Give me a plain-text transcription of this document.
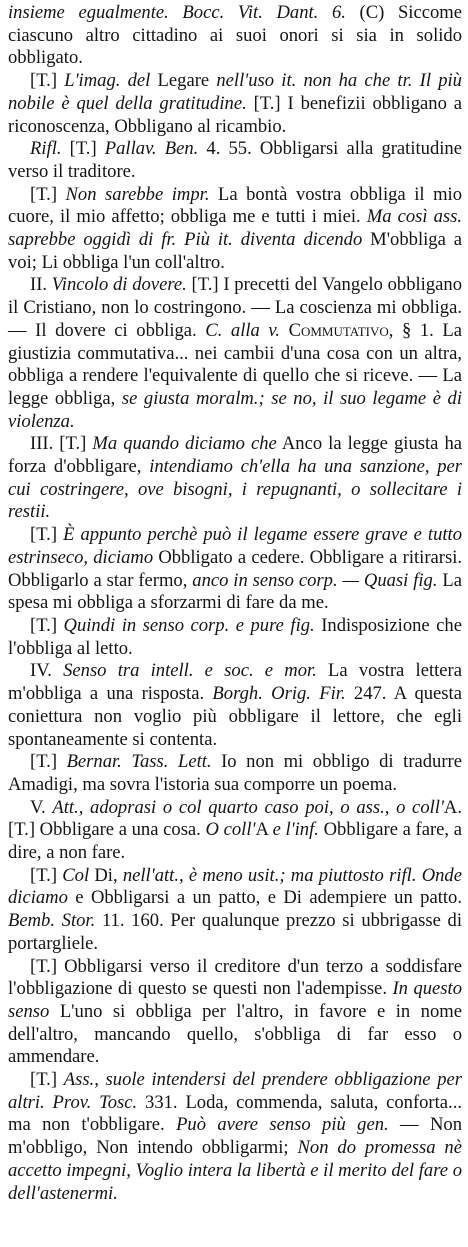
insieme egualmente. Bocc. Vit. Dant. 6. (C) Siccome ciascuno altro cittadino ai suoi onori si sia in solido obbligato.

[T.] L'imag. del Legare nell'uso it. non ha che tr. Il più nobile è quel della gratitudine. [T.] I benefizii obbligano a riconoscenza, Obbligano al ricambio.

Rifl. [T.] Pallav. Ben. 4. 55. Obbligarsi alla gratitudine verso il traditore.

[T.] Non sarebbe impr. La bontà vostra obbliga il mio cuore, il mio affetto; obbliga me e tutti i miei. Ma così ass. saprebbe oggidì di fr. Più it. diventa dicendo M'obbliga a voi; Li obbliga l'un coll'altro.

II. Vincolo di dovere. [T.] I precetti del Vangelo obbligano il Cristiano, non lo costringono. — La coscienza mi obbliga. — Il dovere ci obbliga. C. alla v. Commutativo, § 1. La giustizia commutativa... nei cambii d'una cosa con un altra, obbliga a rendere l'equivalente di quello che si riceve. — La legge obbliga, se giusta moralm.; se no, il suo legame è di violenza.

III. [T.] Ma quando diciamo che Anco la legge giusta ha forza d'obbligare, intendiamo ch'ella ha una sanzione, per cui costringere, ove bisogni, i repugnanti, o sollecitare i restii.

[T.] È appunto perchè può il legame essere grave e tutto estrinseco, diciamo Obbligato a cedere. Obbligare a ritirarsi. Obbligarlo a star fermo, anco in senso corp. — Quasi fig. La spesa mi obbliga a sforzarmi di fare da me.

[T.] Quindi in senso corp. e pure fig. Indisposizione che l'obbliga al letto.

IV. Senso tra intell. e soc. e mor. La vostra lettera m'obbliga a una risposta. Borgh. Orig. Fir. 247. A questa coniettura non voglio più obbligare il lettore, che egli spontaneamente si contenta.

[T.] Bernar. Tass. Lett. Io non mi obbligo di tradurre Amadigi, ma sovra l'istoria sua comporre un poema.

V. Att., adoprasi o col quarto caso poi, o ass., o coll'A. [T.] Obbligare a una cosa. O coll'A e l'inf. Obbligare a fare, a dire, a non fare.

[T.] Col Di, nell'att., è meno usit.; ma piuttosto rifl. Onde diciamo e Obbligarsi a un patto, e Di adempiere un patto. Bemb. Stor. 11. 160. Per qualunque prezzo si ubbrigasse di portargliele.

[T.] Obbligarsi verso il creditore d'un terzo a soddisfare l'obbligazione di questo se questi non l'adempisse. In questo senso L'uno si obbliga per l'altro, in favore e in nome dell'altro, mancando quello, s'obbliga di far esso o ammendare.

[T.] Ass., suole intendersi del prendere obbligazione per altri. Prov. Tosc. 331. Loda, commenda, saluta, conforta... ma non t'obbligare. Può avere senso più gen. — Non m'obbligo, Non intendo obbligarmi; Non do promessa nè accetto impegni, Voglio intera la libertà e il merito del fare o dell'astenermi.
